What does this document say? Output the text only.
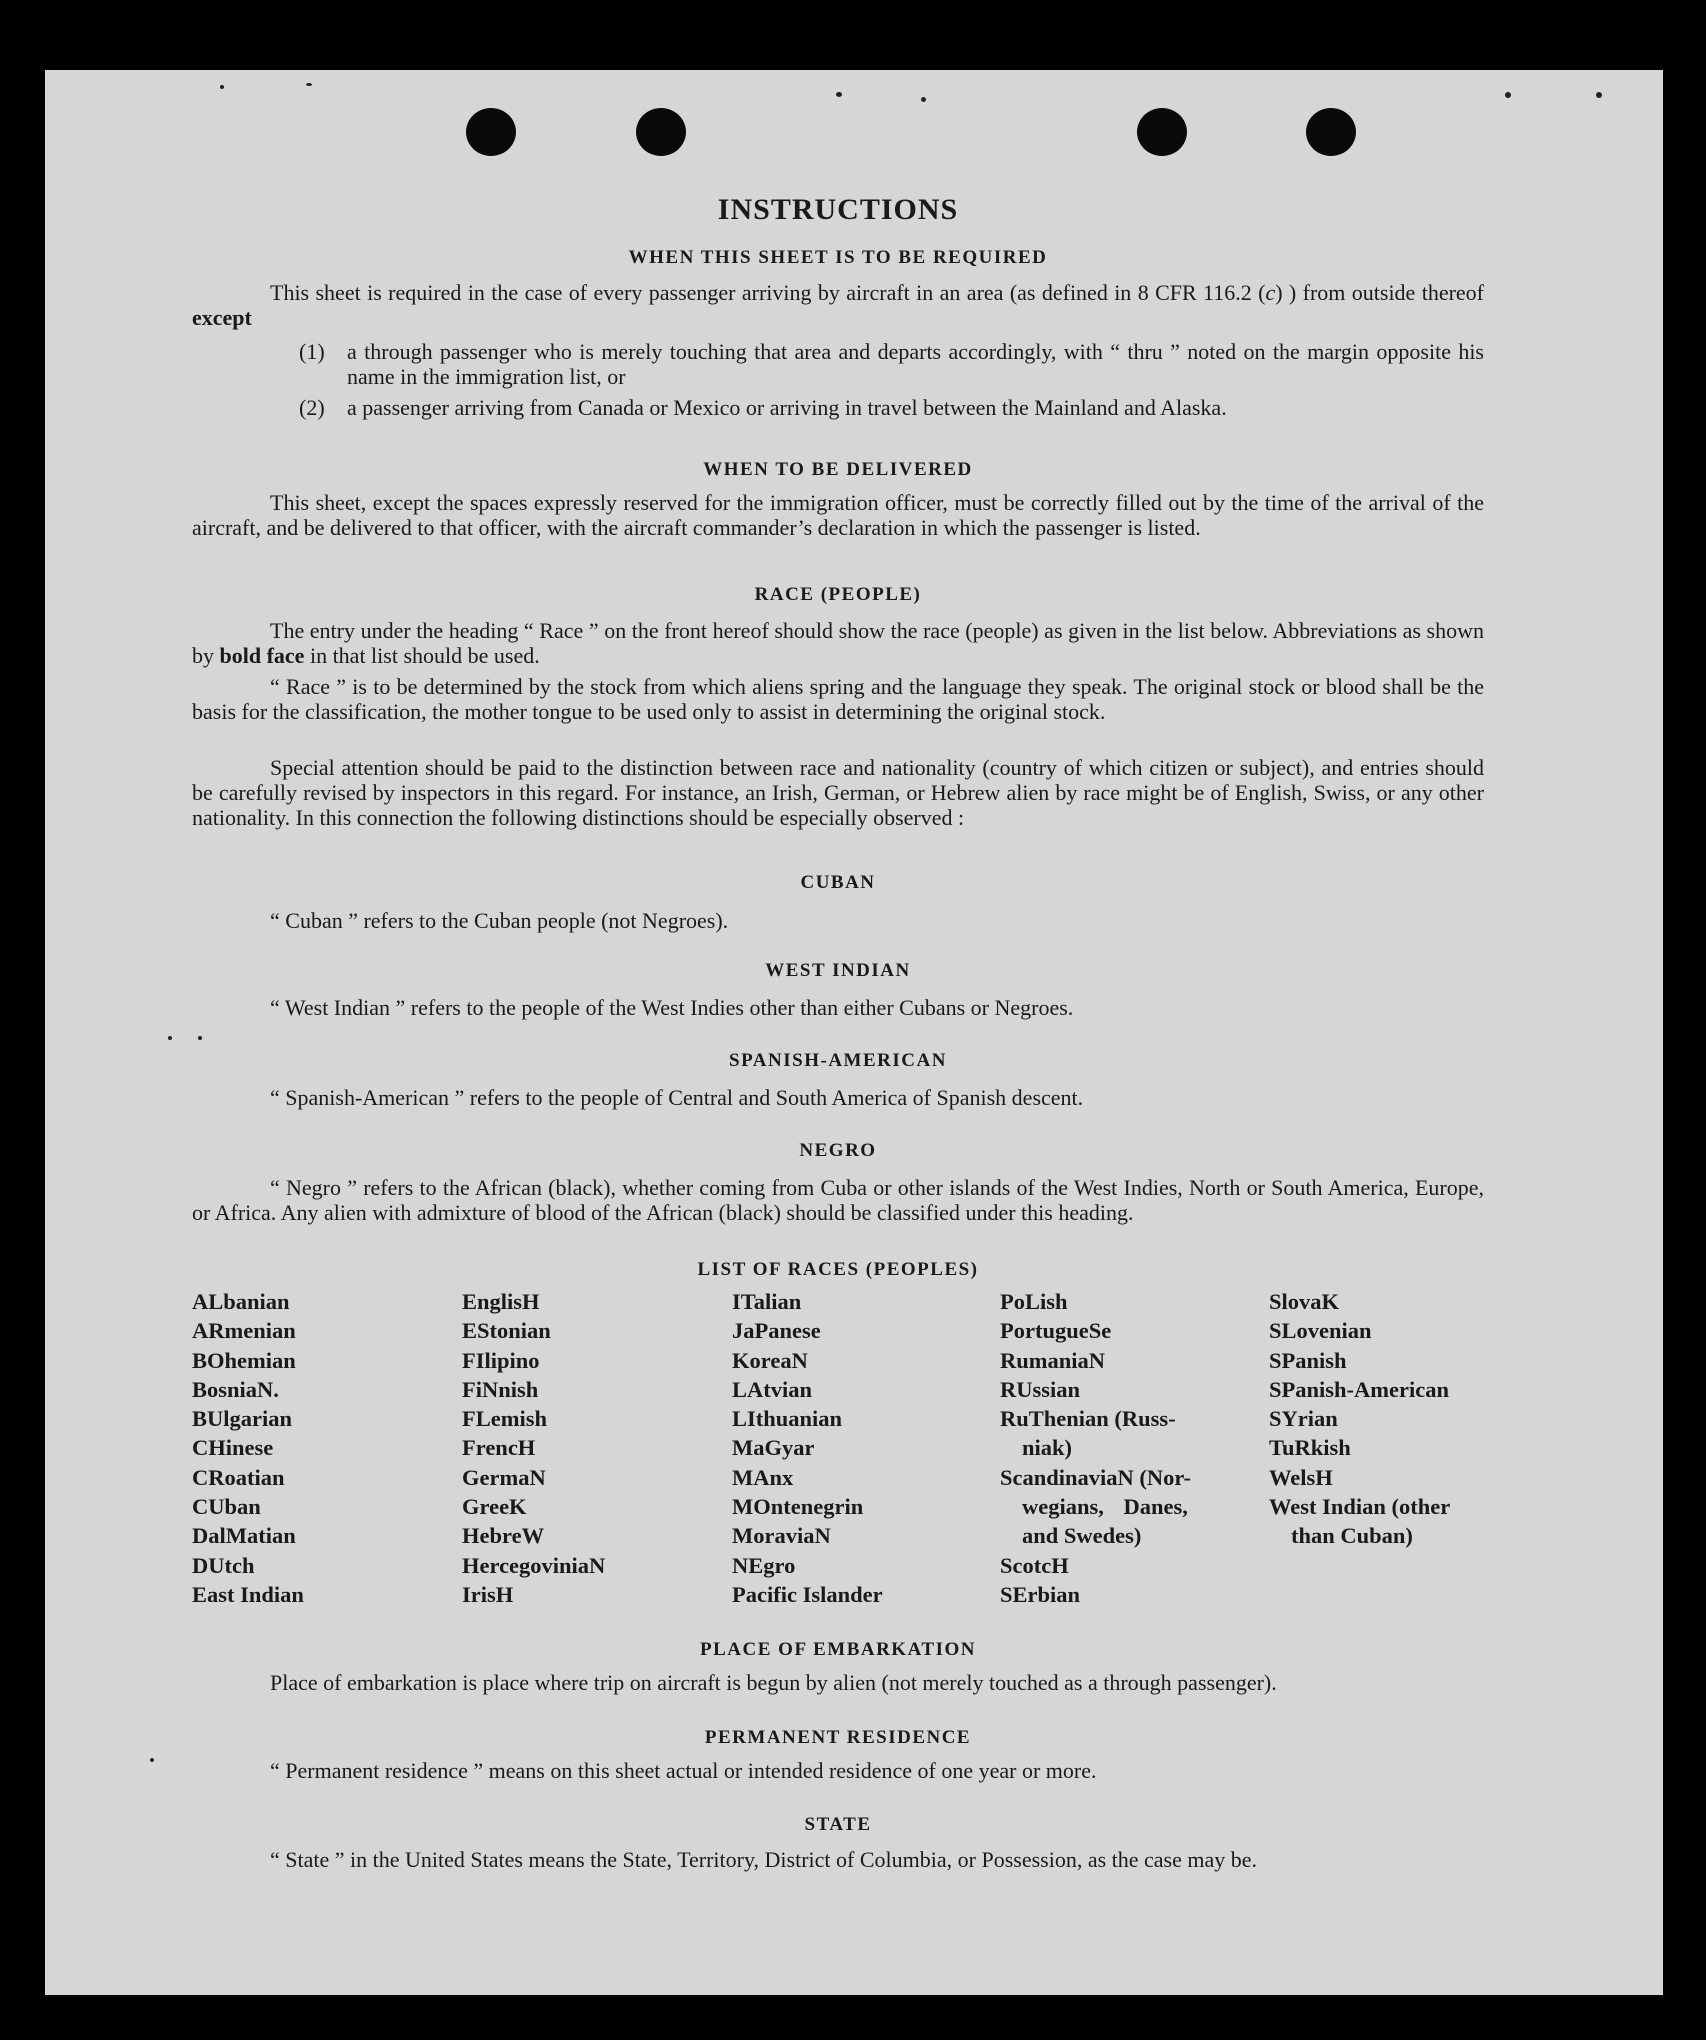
INSTRUCTIONS

WHEN THIS SHEET IS TO BE REQUIRED

This sheet is required in the case of every passenger arriving by aircraft in an area (as defined in 8 CFR 116.2 (c) ) from outside thereof except

(1) a through passenger who is merely touching that area and departs accordingly, with “ thru ” noted on the margin opposite his name in the immigration list, or

(2) a passenger arriving from Canada or Mexico or arriving in travel between the Mainland and Alaska.

WHEN TO BE DELIVERED

This sheet, except the spaces expressly reserved for the immigration officer, must be correctly filled out by the time of the arrival of the aircraft, and be delivered to that officer, with the aircraft commander’s declaration in which the passenger is listed.

RACE (PEOPLE)

The entry under the heading “ Race ” on the front hereof should show the race (people) as given in the list below. Abbreviations as shown by bold face in that list should be used.

“ Race ” is to be determined by the stock from which aliens spring and the language they speak. The original stock or blood shall be the basis for the classification, the mother tongue to be used only to assist in determining the original stock.

Special attention should be paid to the distinction between race and nationality (country of which citizen or subject), and entries should be carefully revised by inspectors in this regard. For instance, an Irish, German, or Hebrew alien by race might be of English, Swiss, or any other nationality. In this connection the following distinctions should be especially observed :

CUBAN

“ Cuban ” refers to the Cuban people (not Negroes).

WEST INDIAN

“ West Indian ” refers to the people of the West Indies other than either Cubans or Negroes.

SPANISH-AMERICAN

“ Spanish-American ” refers to the people of Central and South America of Spanish descent.

NEGRO

“ Negro ” refers to the African (black), whether coming from Cuba or other islands of the West Indies, North or South America, Europe, or Africa. Any alien with admixture of blood of the African (black) should be classified under this heading.

LIST OF RACES (PEOPLES)

ALbanian
ARmenian
BOhemian
BosniaN.
BUlgarian
CHinese
CRoatian
CUban
DalMatian
DUtch
East Indian
EnglisH
EStonian
FIlipino
FiNnish
FLemish
FrencH
GermaN
GreeK
HebreW
HercegoviniaN
IrisH
ITalian
JaPanese
KoreaN
LAtvian
LIthuanian
MaGyar
MAnx
MOntenegrin
MoraviaN
NEgro
Pacific Islander
PoLish
PortugueSe
RumaniaN
RUssian
RuThenian (Russ-
niak)
ScandinaviaN (Nor-
wegians, Danes,
and Swedes)
ScotcH
SErbian
SlovaK
SLovenian
SPanish
SPanish-American
SYrian
TuRkish
WelsH
West Indian (other
than Cuban)

PLACE OF EMBARKATION

Place of embarkation is place where trip on aircraft is begun by alien (not merely touched as a through passenger).

PERMANENT RESIDENCE

“ Permanent residence ” means on this sheet actual or intended residence of one year or more.

STATE

“ State ” in the United States means the State, Territory, District of Columbia, or Possession, as the case may be.
